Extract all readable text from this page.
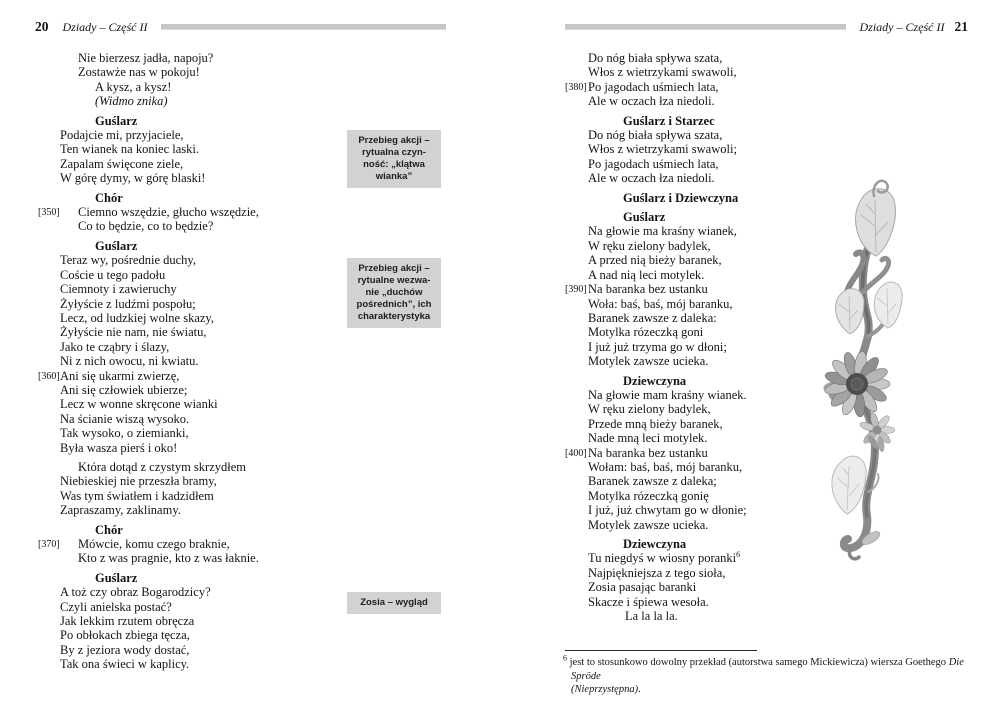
20 Dziady – Część II	Dziady – Część II 21
Nie bierzesz jadła, napoju?
Zostawże nas w pokoju!
A kysz, a kysz!
(Widmo znika)
Guślarz
Podajcie mi, przyjaciele,
Ten wianek na koniec laski.
Zapalam święcone ziele,
W górę dymy, w górę blaski!
Chór
[350] Ciemno wszędzie, głucho wszędzie,
Co to będzie, co to będzie?
Guślarz
Teraz wy, pośrednie duchy,
Coście u tego padołu
Ciemnoty i zawieruchy
Żyłyście z ludźmi pospołu;
Lecz, od ludzkiej wolne skazy,
Żyłyście nie nam, nie światu,
Jako te cząbry i ślazy,
Ni z nich owocu, ni kwiatu.
[360] Ani się ukarmi zwierzę,
Ani się człowiek ubierze;
Lecz w wonne skręcone wianki
Na ścianie wiszą wysoko.
Tak wysoko, o ziemianki,
Była wasza pierś i oko!
Która dotąd z czystym skrzydłem
Niebieskiej nie przeszła bramy,
Was tym światłem i kadzidłem
Zapraszamy, zaklinamy.
Chór
[370] Mówcie, komu czego braknie,
Kto z was pragnie, kto z was łaknie.
Guślarz
A toż czy obraz Bogarodzicy?
Czyli anielska postać?
Jak lekkim rzutem obręcza
Po obłokach zbiega tęcza,
By z jeziora wody dostać,
Tak ona świeci w kaplicy.
Do nóg biała spływa szata,
Włos z wietrzykami swawoli,
[380] Po jagodach uśmiech lata,
Ale w oczach łza niedoli.
Guślarz i Starzec
Do nóg biała spływa szata,
Włos z wietrzykami swawoli;
Po jagodach uśmiech lata,
Ale w oczach łza niedoli.
Guślarz i Dziewczyna
Guślarz
Na głowie ma kraśny wianek,
W ręku zielony badylek,
A przed nią bieży baranek,
A nad nią leci motylek.
[390] Na baranka bez ustanku
Woła: baś, baś, mój baranku,
Baranek zawsze z daleka:
Motylka rózeczką goni
I już już trzyma go w dłoni;
Motylek zawsze ucieka.
Dziewczyna
Na głowie mam kraśny wianek.
W ręku zielony badylek,
Przede mną bieży baranek,
Nade mną leci motylek.
[400] Na baranka bez ustanku
Wołam: baś, baś, mój baranku,
Baranek zawsze z daleka;
Motylka rózeczką gonię
I już, już chwytam go w dłonie;
Motylek zawsze ucieka.
Dziewczyna
Tu niegdyś w wiosny poranki$^6$
Najpiękniejsza z tego sioła,
Zosia pasając baranki
Skacze i śpiewa wesoła.
La la la la.
$^6$ jest to stosunkowo dowolny przekład (autorstwa samego Mickiewicza) wiersza Goethego Die Spröde
(Nieprzystępna).
Przebieg akcji –
rytualna czyn-
ność: „klątwa
wianka”
Przebieg akcji –
rytualne wezwa-
nie „duchów
pośrednich”, ich
charakterystyka
Zosia – wygląd
